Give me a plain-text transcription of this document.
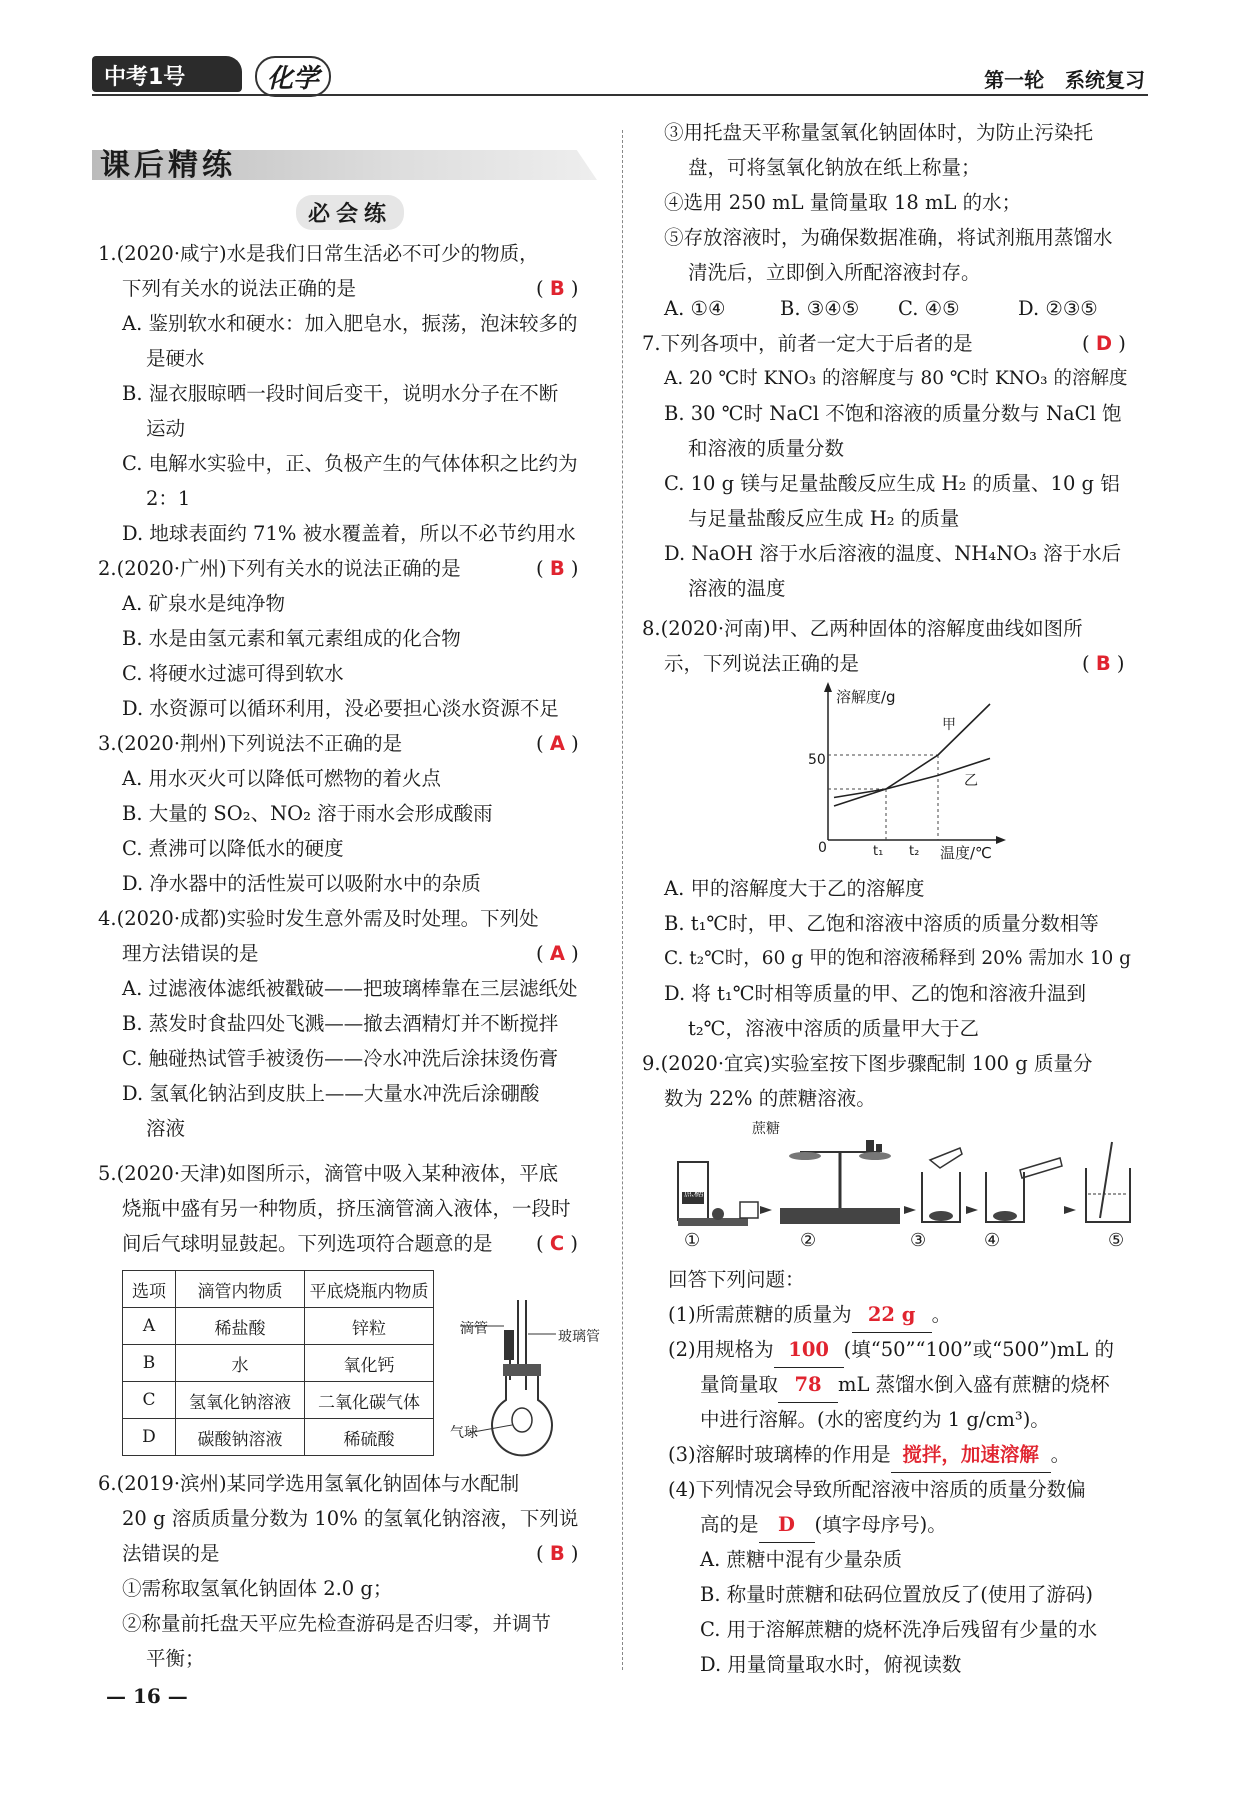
中考1号	化学	第一轮   系统复习
课后精练
必会练
1.(2020·咸宁)水是我们日常生活必不可少的物质，
下列有关水的说法正确的是	( B )
A. 鉴别软水和硬水：加入肥皂水，振荡，泡沫较多的
是硬水
B. 湿衣服晾晒一段时间后变干，说明水分子在不断
运动
C. 电解水实验中，正、负极产生的气体体积之比约为
2：1
D. 地球表面约 71% 被水覆盖着，所以不必节约用水
2.(2020·广州)下列有关水的说法正确的是	( B )
A. 矿泉水是纯净物
B. 水是由氢元素和氧元素组成的化合物
C. 将硬水过滤可得到软水
D. 水资源可以循环利用，没必要担心淡水资源不足
3.(2020·荆州)下列说法不正确的是	( A )
A. 用水灭火可以降低可燃物的着火点
B. 大量的 SO₂、NO₂ 溶于雨水会形成酸雨
C. 煮沸可以降低水的硬度
D. 净水器中的活性炭可以吸附水中的杂质
4.(2020·成都)实验时发生意外需及时处理。下列处
理方法错误的是	( A )
A. 过滤液体滤纸被戳破——把玻璃棒靠在三层滤纸处
B. 蒸发时食盐四处飞溅——撤去酒精灯并不断搅拌
C. 触碰热试管手被烫伤——冷水冲洗后涂抹烫伤膏
D. 氢氧化钠沾到皮肤上——大量水冲洗后涂硼酸
溶液
5.(2020·天津)如图所示，滴管中吸入某种液体，平底
烧瓶中盛有另一种物质，挤压滴管滴入液体，一段时
间后气球明显鼓起。下列选项符合题意的是 ( C )
选项	滴管内物质	平底烧瓶内物质
A	稀盐酸	锌粒
B	水	氧化钙
C	氢氧化钠溶液	二氧化碳气体
D	碳酸钠溶液	稀硫酸
滴管	玻璃管
气球
6.(2019·滨州)某同学选用氢氧化钠固体与水配制
20 g 溶质质量分数为 10% 的氢氧化钠溶液，下列说
法错误的是	( B )
①需称取氢氧化钠固体 2.0 g；
②称量前托盘天平应先检查游码是否归零，并调节
平衡；
— 16 —
③用托盘天平称量氢氧化钠固体时，为防止污染托
盘，可将氢氧化钠放在纸上称量；
④选用 250 mL 量筒量取 18 mL 的水；
⑤存放溶液时，为确保数据准确，将试剂瓶用蒸馏水
清洗后，立即倒入所配溶液封存。
A. ①④	B. ③④⑤ C. ④⑤	D. ②③⑤
7.下列各项中，前者一定大于后者的是	( D )
A. 20 ℃时 KNO₃ 的溶解度与 80 ℃时 KNO₃ 的溶解度
B. 30 ℃时 NaCl 不饱和溶液的质量分数与 NaCl 饱
和溶液的质量分数
C. 10 g 镁与足量盐酸反应生成 H₂ 的质量、10 g 铝
与足量盐酸反应生成 H₂ 的质量
D. NaOH 溶于水后溶液的温度、NH₄NO₃ 溶于水后
溶液的温度
8.(2020·河南)甲、乙两种固体的溶解度曲线如图所
示，下列说法正确的是	( B )
溶解度/g
温度/℃
50
0	t₁ t₂
甲
乙
A. 甲的溶解度大于乙的溶解度
B. t₁℃时，甲、乙饱和溶液中溶质的质量分数相等
C. t₂℃时，60 g 甲的饱和溶液稀释到 20% 需加水 10 g
D. 将 t₁℃时相等质量的甲、乙的饱和溶液升温到
t₂℃，溶液中溶质的质量甲大于乙
9.(2020·宜宾)实验室按下图步骤配制 100 g 质量分
数为 22% 的蔗糖溶液。
蔗糖
蔗糖
①	②	③	④	⑤
回答下列问题：
(1)所需蔗糖的质量为 22 g 。
(2)用规格为 100 (填“50”“100”或“500”)mL 的
量筒量取 78 mL 蒸馏水倒入盛有蔗糖的烧杯
中进行溶解。(水的密度约为 1 g/cm³)。
(3)溶解时玻璃棒的作用是 搅拌，加速溶解 。
(4)下列情况会导致所配溶液中溶质的质量分数偏
高的是 D (填字母序号)。
A. 蔗糖中混有少量杂质
B. 称量时蔗糖和砝码位置放反了(使用了游码)
C. 用于溶解蔗糖的烧杯洗净后残留有少量的水
D. 用量筒量取水时，俯视读数
